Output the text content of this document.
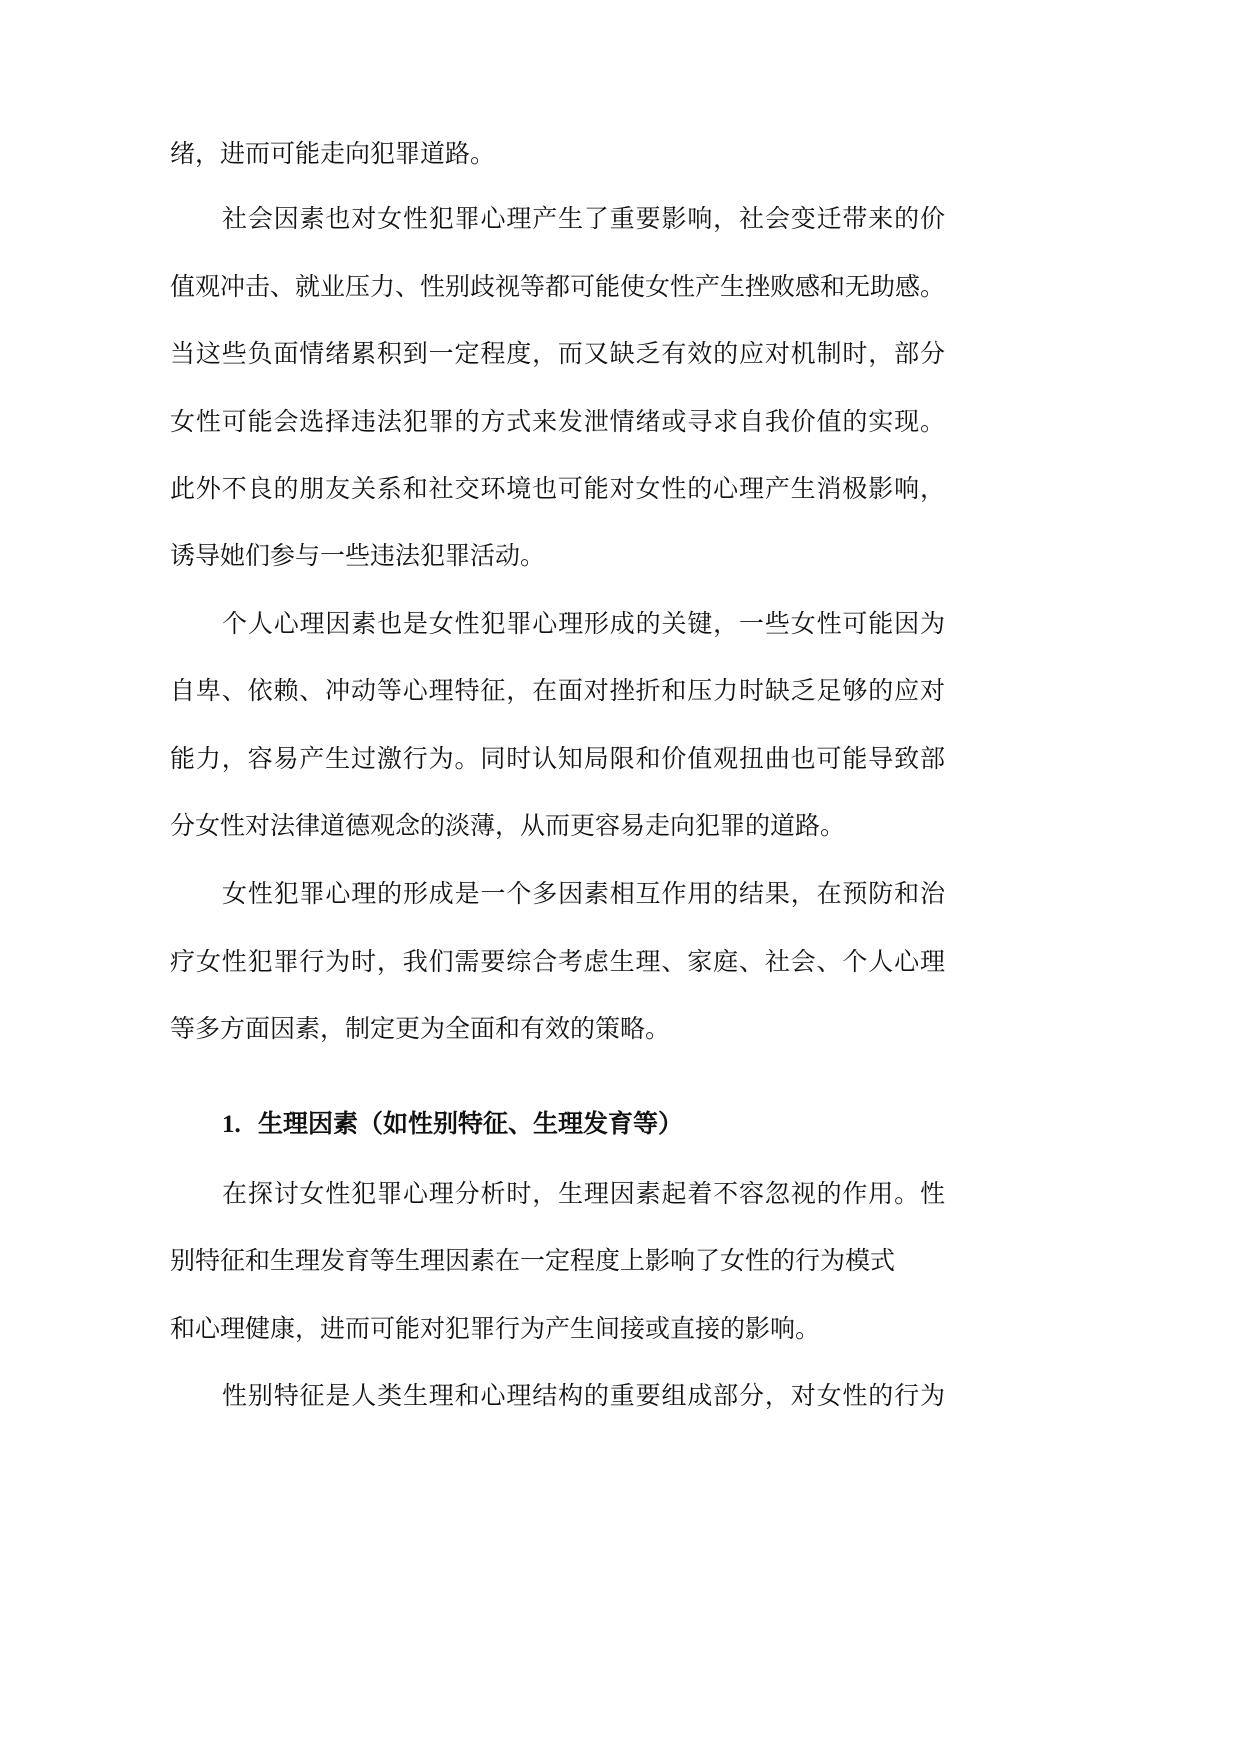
绪，进而可能走向犯罪道路。
社会因素也对女性犯罪心理产生了重要影响，社会变迁带来的价
值观冲击、就业压力、性别歧视等都可能使女性产生挫败感和无助感。
当这些负面情绪累积到一定程度，而又缺乏有效的应对机制时，部分
女性可能会选择违法犯罪的方式来发泄情绪或寻求自我价值的实现。
此外不良的朋友关系和社交环境也可能对女性的心理产生消极影响，
诱导她们参与一些违法犯罪活动。
个人心理因素也是女性犯罪心理形成的关键，一些女性可能因为
自卑、依赖、冲动等心理特征，在面对挫折和压力时缺乏足够的应对
能力，容易产生过激行为。同时认知局限和价值观扭曲也可能导致部
分女性对法律道德观念的淡薄，从而更容易走向犯罪的道路。
女性犯罪心理的形成是一个多因素相互作用的结果，在预防和治
疗女性犯罪行为时，我们需要综合考虑生理、家庭、社会、个人心理
等多方面因素，制定更为全面和有效的策略。
1. 生理因素（如性别特征、生理发育等）
在探讨女性犯罪心理分析时，生理因素起着不容忽视的作用。性
别特征和生理发育等生理因素在一定程度上影响了女性的行为模式
和心理健康，进而可能对犯罪行为产生间接或直接的影响。
性别特征是人类生理和心理结构的重要组成部分，对女性的行为
